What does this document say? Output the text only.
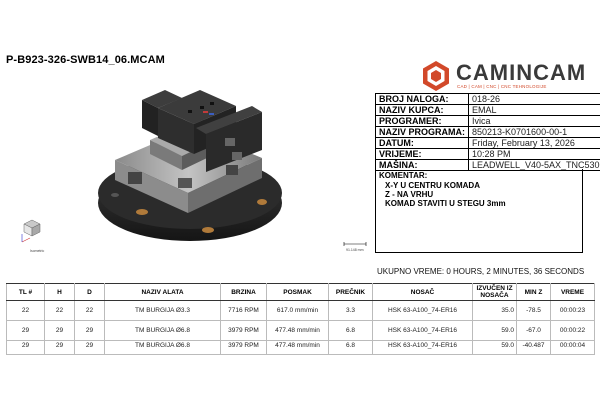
P-B923-326-SWB14_06.MCAM	CAMINCAM
CAD | CAM | CNC | CNC TEHNOLOGIJE
BROJ NALOGA:	018-26
NAZIV KUPCA:	EMAL
PROGRAMER:	Ivica
NAZIV PROGRAMA:	850213-K0701600-00-1
DATUM:	Friday, February 13, 2026
VRIJEME:	10:28 PM
MAŠINA:	LEADWELL_V40-5AX_TNC530
KOMENTAR:
X-Y U CENTRU KOMADA
Z - NA VRHU
KOMAD STAVITI U STEGU 3mm
UKUPNO VREME: 0 HOURS, 2 MINUTES, 36 SECONDS
Isometric	91.148 mm
TL #	H	D	NAZIV ALATA	BRZINA	POSMAK	PREČNIK	NOSAČ	IZVUČEN IZ NOSAČA	MIN Z	VREME
22	22	22	TM BURGIJA Ø3.3	7716 RPM	617.0 mm/min	3.3	HSK 63-A100_74-ER16	35.0	-78.5	00:00:23
29	29	29	TM BURGIJA Ø6.8	3979 RPM	477.48 mm/min	6.8	HSK 63-A100_74-ER16	59.0	-67.0	00:00:22
29	29	29	TM BURGIJA Ø6.8	3979 RPM	477.48 mm/min	6.8	HSK 63-A100_74-ER16	59.0	-40.487	00:00:04
